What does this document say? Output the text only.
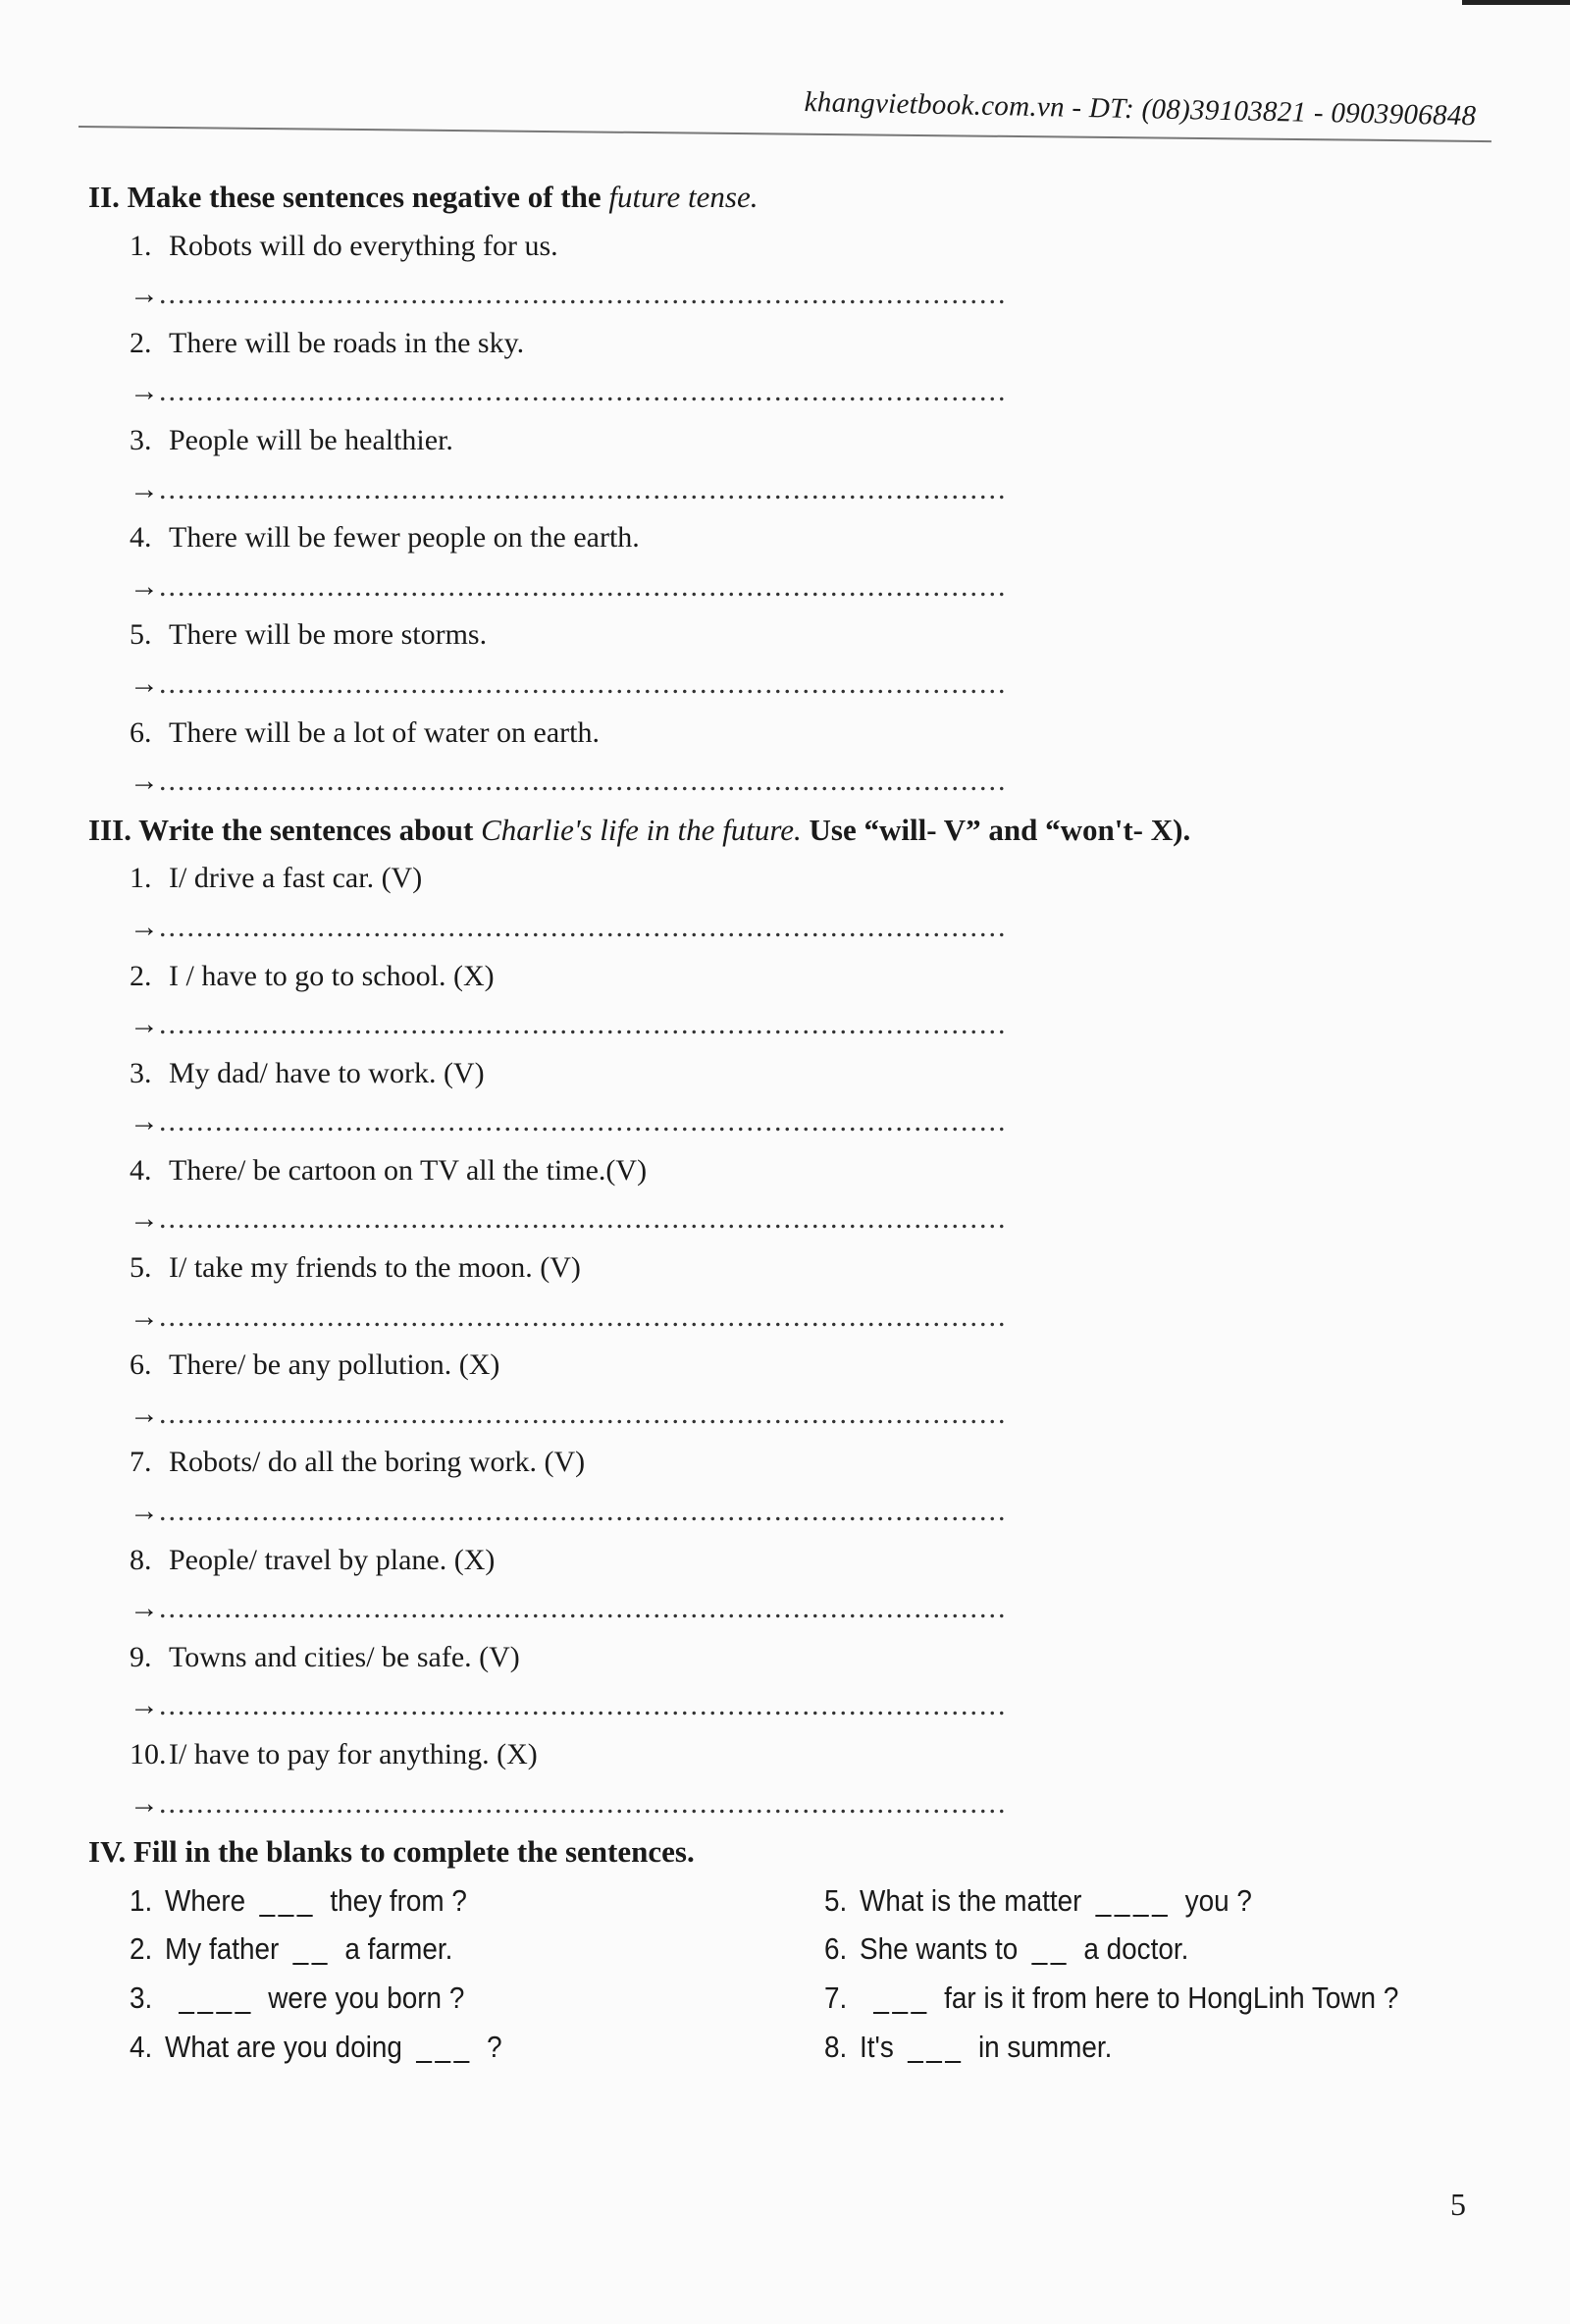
khangvietbook.com.vn - DT: (08)39103821 - 0903906848
II. Make these sentences negative of the future tense.
1. Robots will do everything for us.
→...........................................................................................
2. There will be roads in the sky.
→...........................................................................................
3. People will be healthier.
→...........................................................................................
4. There will be fewer people on the earth.
→...........................................................................................
5. There will be more storms.
→...........................................................................................
6. There will be a lot of water on earth.
→...........................................................................................
III. Write the sentences about Charlie's life in the future. Use “will- V” and “won't- X).
1. I/ drive a fast car. (V)
→...........................................................................................
2. I / have to go to school. (X)
→...........................................................................................
3. My dad/ have to work. (V)
→...........................................................................................
4. There/ be cartoon on TV all the time.(V)
→...........................................................................................
5. I/ take my friends to the moon. (V)
→...........................................................................................
6. There/ be any pollution. (X)
→...........................................................................................
7. Robots/ do all the boring work. (V)
→...........................................................................................
8. People/ travel by plane. (X)
→...........................................................................................
9. Towns and cities/ be safe. (V)
→...........................................................................................
10.I/ have to pay for anything. (X)
→...........................................................................................
IV. Fill in the blanks to complete the sentences.
1. Where ___ they from ?
2. My father __ a farmer.
3. ____ were you born ?
4. What are you doing ___ ?
5. What is the matter ____ you ?
6. She wants to __ a doctor.
7. ___ far is it from here to HongLinh Town ?
8. It's ___ in summer.
5
